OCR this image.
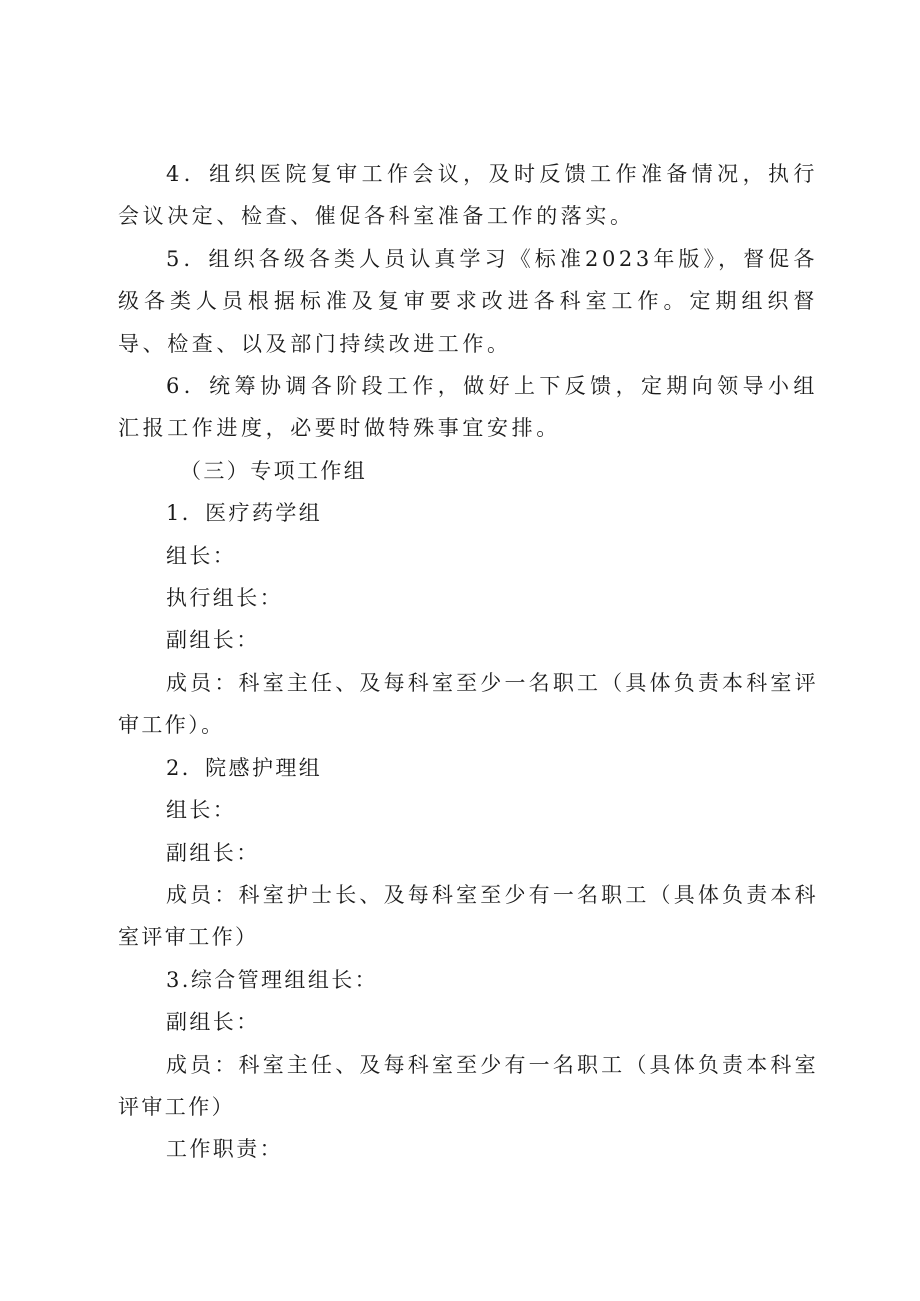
4．组织医院复审工作会议，及时反馈工作准备情况，执行会议决定、检查、催促各科室准备工作的落实。

5．组织各级各类人员认真学习《标准2023年版》，督促各级各类人员根据标准及复审要求改进各科室工作。定期组织督导、检查、以及部门持续改进工作。

6．统筹协调各阶段工作，做好上下反馈，定期向领导小组汇报工作进度，必要时做特殊事宜安排。

（三）专项工作组

1．医疗药学组

组长：

执行组长：

副组长：

成员：科室主任、及每科室至少一名职工（具体负责本科室评审工作）。

2．院感护理组

组长：

副组长：

成员：科室护士长、及每科室至少有一名职工（具体负责本科室评审工作）

3.综合管理组组长：

副组长：

成员：科室主任、及每科室至少有一名职工（具体负责本科室评审工作）

工作职责：
